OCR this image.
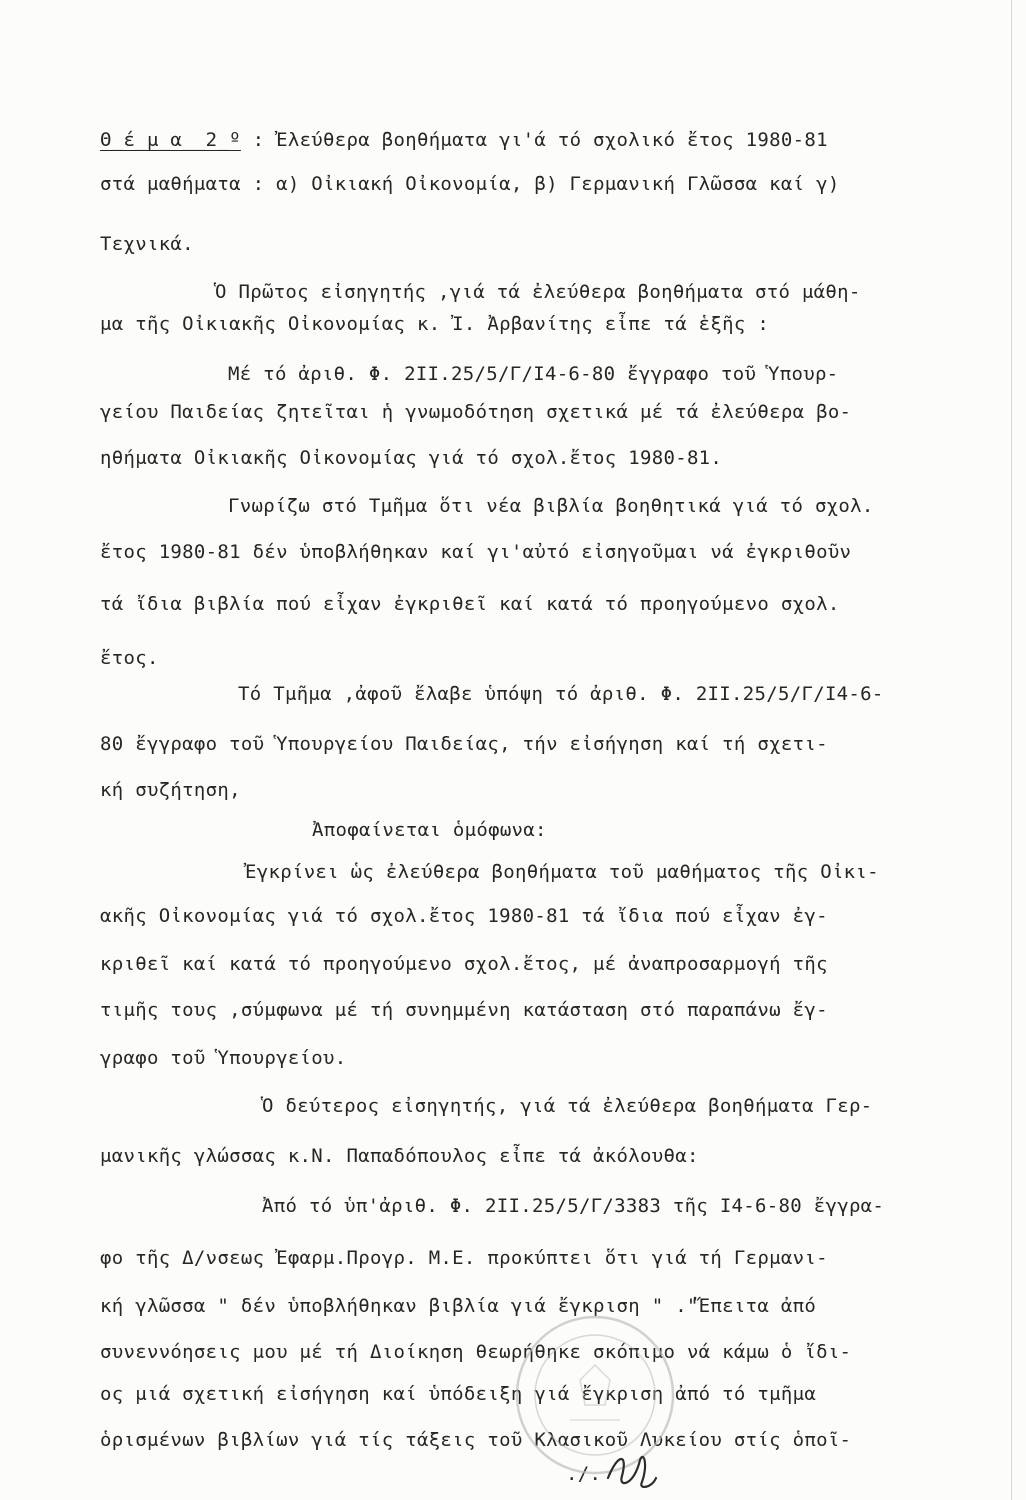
Θ_έ_μ_α__2_º : Ἐλεύθερα βοηθήματα γι'ά τό σχολικό ἔτος 1980-81
στά μαθήματα : α) Οἰκιακή Οἰκονομία, β) Γερμανική Γλῶσσα καί γ)
Τεχνικά.
Ὁ Πρῶτος εἰσηγητής ,γιά τά ἐλεύθερα βοηθήματα στό μάθη-
μα τῆς Οἰκιακῆς Οἰκονομίας κ. Ἰ. Ἀρβανίτης εἶπε τά ἑξῆς :
Μέ τό ἀριθ. Φ. 2ΙΙ.25/5/Γ/Ι4-6-80 ἔγγραφο τοῦ Ὑπουρ-
γείου Παιδείας ζητεῖται ἡ γνωμοδότηση σχετικά μέ τά ἐλεύθερα βο-
ηθήματα Οἰκιακῆς Οἰκονομίας γιά τό σχολ.ἔτος 1980-81.
Γνωρίζω στό Τμῆμα ὅτι νέα βιβλία βοηθητικά γιά τό σχολ.
ἔτος 1980-81 δέν ὑποβλήθηκαν καί γι'αὐτό εἰσηγοῦμαι νά ἐγκριθοῦν
τά ἴδια βιβλία πού εἶχαν ἐγκριθεῖ καί κατά τό προηγούμενο σχολ.
ἔτος.
Τό Τμῆμα ,ἀφοῦ ἔλαβε ὑπόψη τό ἀριθ. Φ. 2ΙΙ.25/5/Γ/Ι4-6-
80 ἔγγραφο τοῦ Ὑπουργείου Παιδείας, τήν εἰσήγηση καί τή σχετι-
κή συζήτηση,
Ἀποφαίνεται ὁμόφωνα:
Ἐγκρίνει ὡς ἐλεύθερα βοηθήματα τοῦ μαθήματος τῆς Οἰκι-
ακῆς Οἰκονομίας γιά τό σχολ.ἔτος 1980-81 τά ἴδια πού εἶχαν ἐγ-
κριθεῖ καί κατά τό προηγούμενο σχολ.ἔτος, μέ ἀναπροσαρμογή τῆς
τιμῆς τους ,σύμφωνα μέ τή συνημμένη κατάσταση στό παραπάνω ἔγ-
γραφο τοῦ Ὑπουργείου.
Ὁ δεύτερος εἰσηγητής, γιά τά ἐλεύθερα βοηθήματα Γερ-
μανικῆς γλώσσας κ.Ν. Παπαδόπουλος εἶπε τά ἀκόλουθα:
Ἀπό τό ὑπ'ἀριθ. Φ. 2ΙΙ.25/5/Γ/3383 τῆς Ι4-6-80 ἔγγρα-
φο τῆς Δ/νσεως Ἐφαρμ.Προγρ. Μ.Ε. προκύπτει ὅτι γιά τή Γερμανι-
κή γλῶσσα " δέν ὑποβλήθηκαν βιβλία γιά ἔγκριση " ."Ἔπειτα ἀπό
συνεννόησεις μου μέ τή Διοίκηση θεωρήθηκε σκόπιμο νά κάμω ὁ ἴδι-
ος μιά σχετική εἰσήγηση καί ὑπόδειξη γιά ἔγκριση ἀπό τό τμῆμα
ὁρισμένων βιβλίων γιά τίς τάξεις τοῦ Κλασικοῦ Λυκείου στίς ὁποῖ-
./.
